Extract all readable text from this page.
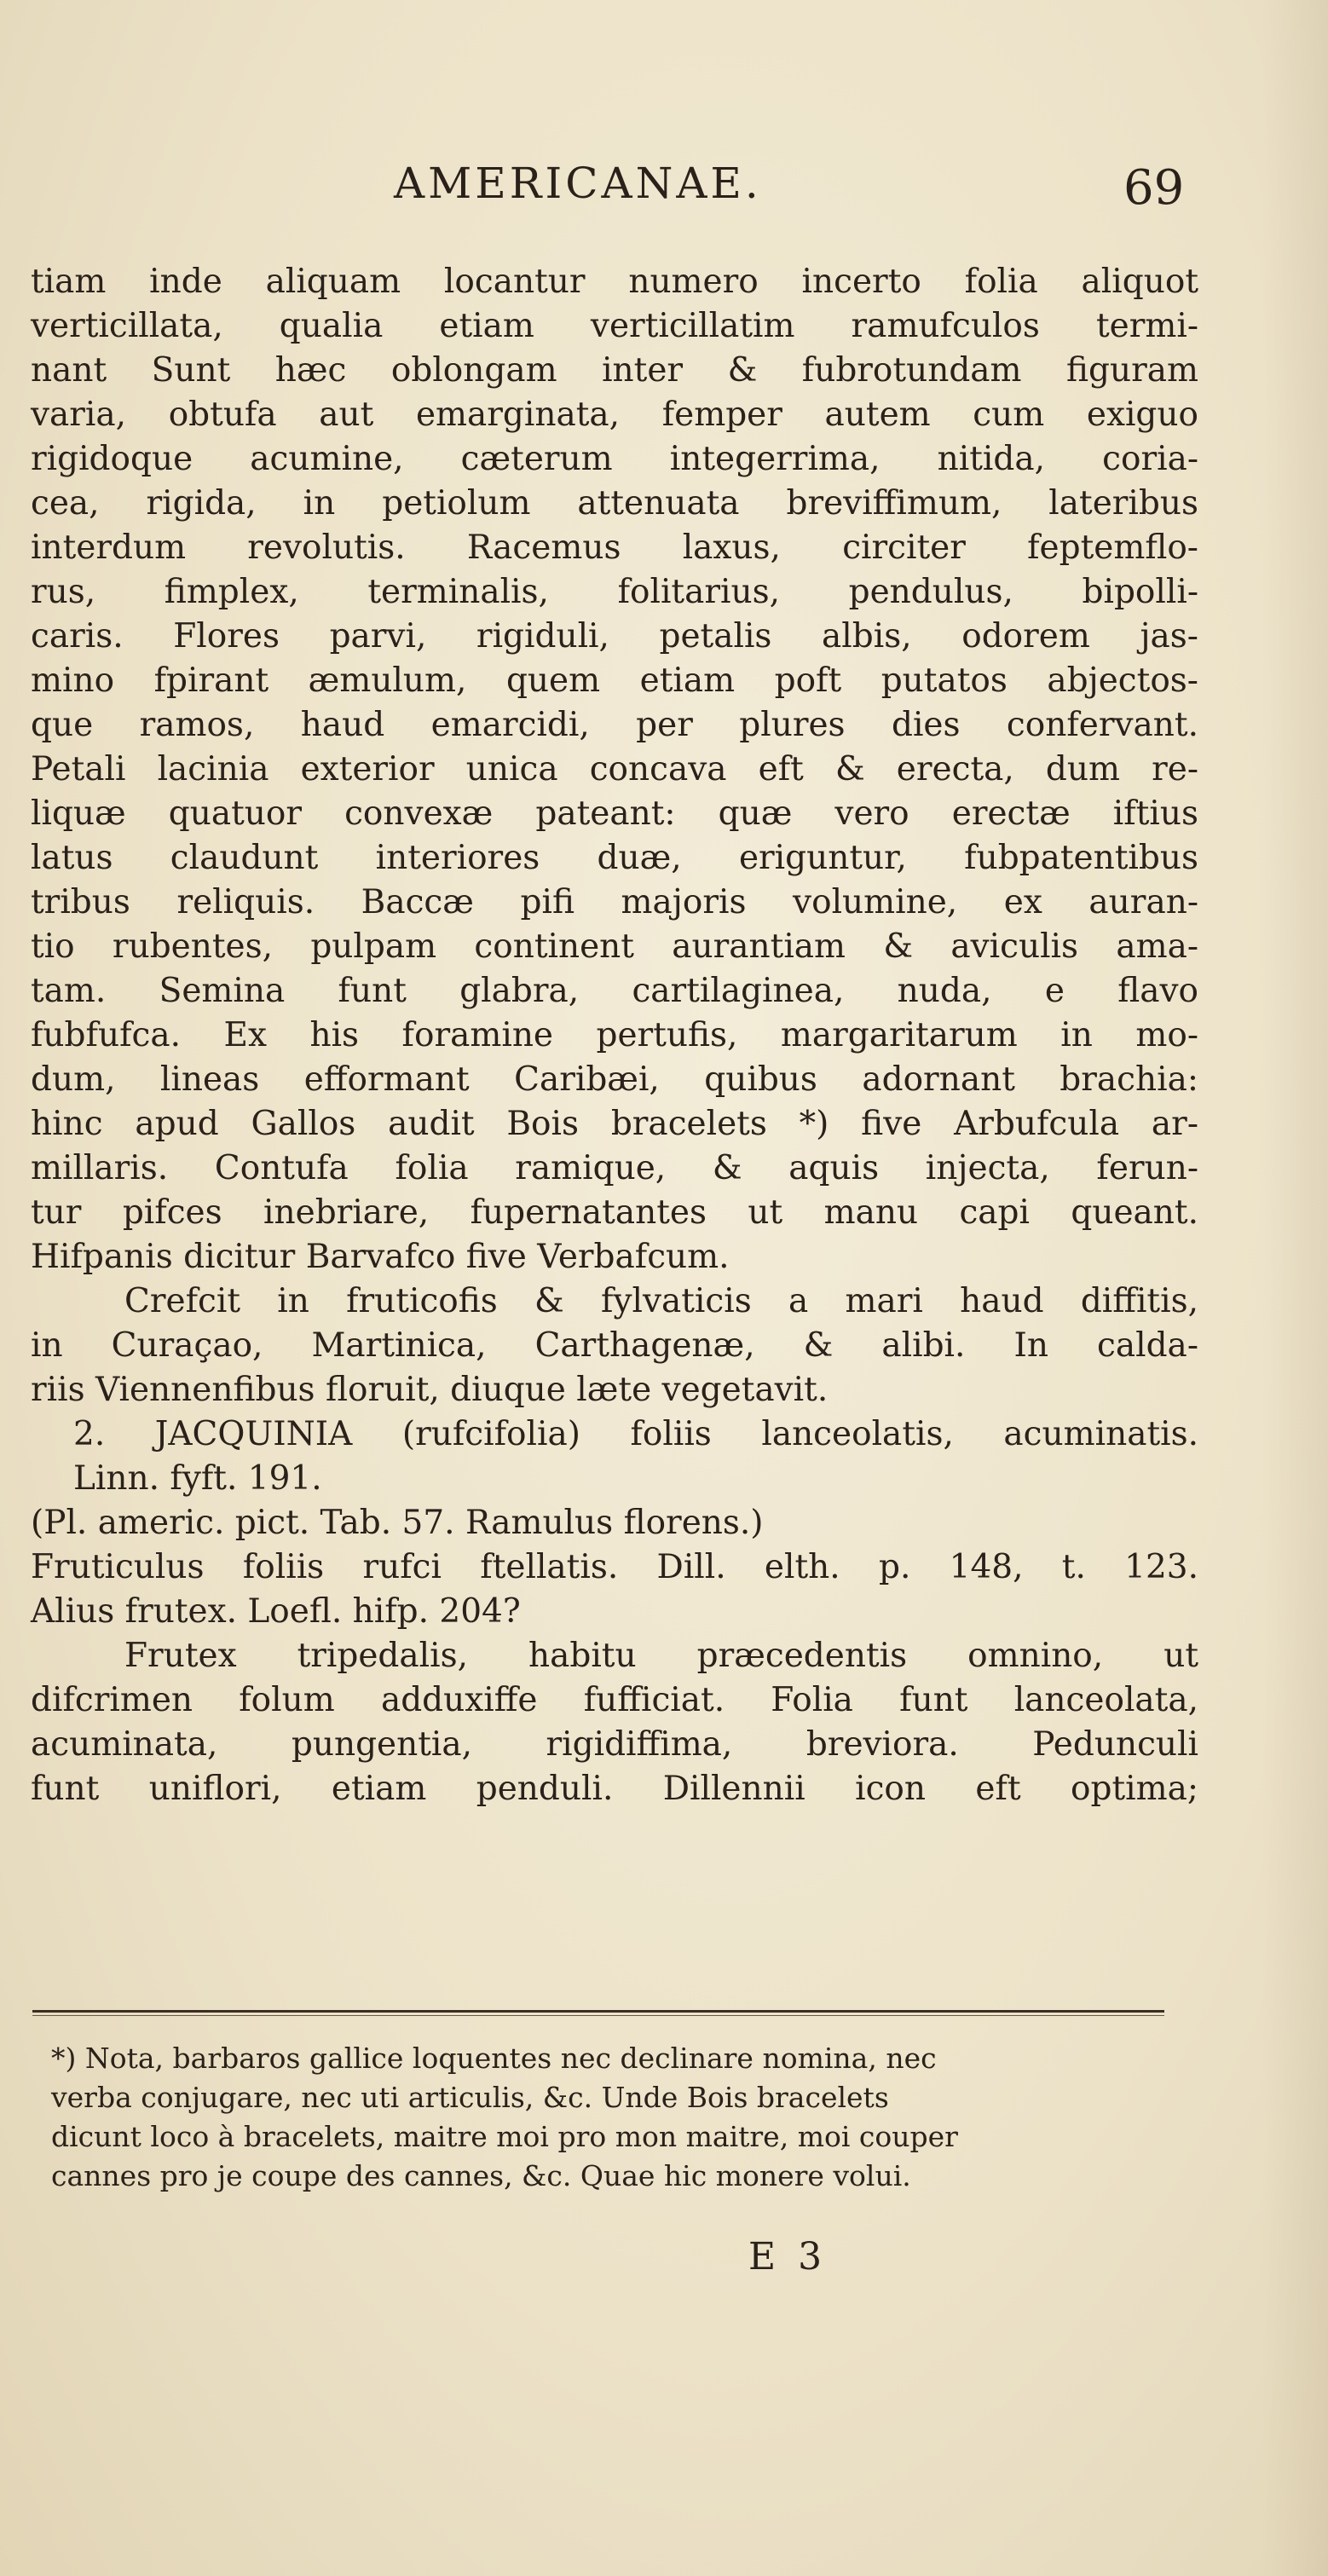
AMERICANAE.	69
tiam inde aliquam locantur numero incerto folia aliquot
verticillata, qualia etiam verticillatim ramufculos termi-
nant Sunt hæc oblongam inter & fubrotundam figuram
varia, obtufa aut emarginata, femper autem cum exiguo
rigidoque acumine, cæterum integerrima, nitida, coria-
cea, rigida, in petiolum attenuata breviffimum, lateribus
interdum revolutis. Racemus laxus, circiter feptemflo-
rus, fimplex, terminalis, folitarius, pendulus, bipolli-
caris. Flores parvi, rigiduli, petalis albis, odorem jas-
mino fpirant æmulum, quem etiam poft putatos abjectos-
que ramos, haud emarcidi, per plures dies confervant.
Petali lacinia exterior unica concava eft & erecta, dum re-
liquæ quatuor convexæ pateant: quæ vero erectæ iftius
latus claudunt interiores duæ, eriguntur, fubpatentibus
tribus reliquis. Baccæ pifi majoris volumine, ex auran-
tio rubentes, pulpam continent aurantiam & aviculis ama-
tam. Semina funt glabra, cartilaginea, nuda, e flavo
fubfufca. Ex his foramine pertufis, margaritarum in mo-
dum, lineas efformant Caribæi, quibus adornant brachia:
hinc apud Gallos audit Bois bracelets *) five Arbufcula ar-
millaris. Contufa folia ramique, & aquis injecta, ferun-
tur pifces inebriare, fupernatantes ut manu capi queant.
Hifpanis dicitur Barvafco five Verbafcum.
Crefcit in fruticofis & fylvaticis a mari haud diffitis,
in Curaçao, Martinica, Carthagenæ, & alibi. In calda-
riis Viennenfibus floruit, diuque læte vegetavit.
2. JACQUINIA (rufcifolia) foliis lanceolatis, acuminatis.
Linn. fyft. 191.
(Pl. americ. pict. Tab. 57. Ramulus florens.)
Fruticulus foliis rufci ftellatis. Dill. elth. p. 148, t. 123.
Alius frutex. Loefl. hifp. 204?
Frutex tripedalis, habitu præcedentis omnino, ut
difcrimen folum adduxiffe fufficiat. Folia funt lanceolata,
acuminata, pungentia, rigidiffima, breviora. Pedunculi
funt uniflori, etiam penduli. Dillennii icon eft optima;
*) Nota, barbaros gallice loquentes nec declinare nomina, nec
verba conjugare, nec uti articulis, &c. Unde Bois bracelets
dicunt loco à bracelets, maitre moi pro mon maitre, moi couper
cannes pro je coupe des cannes, &c. Quae hic monere volui.
E 3
